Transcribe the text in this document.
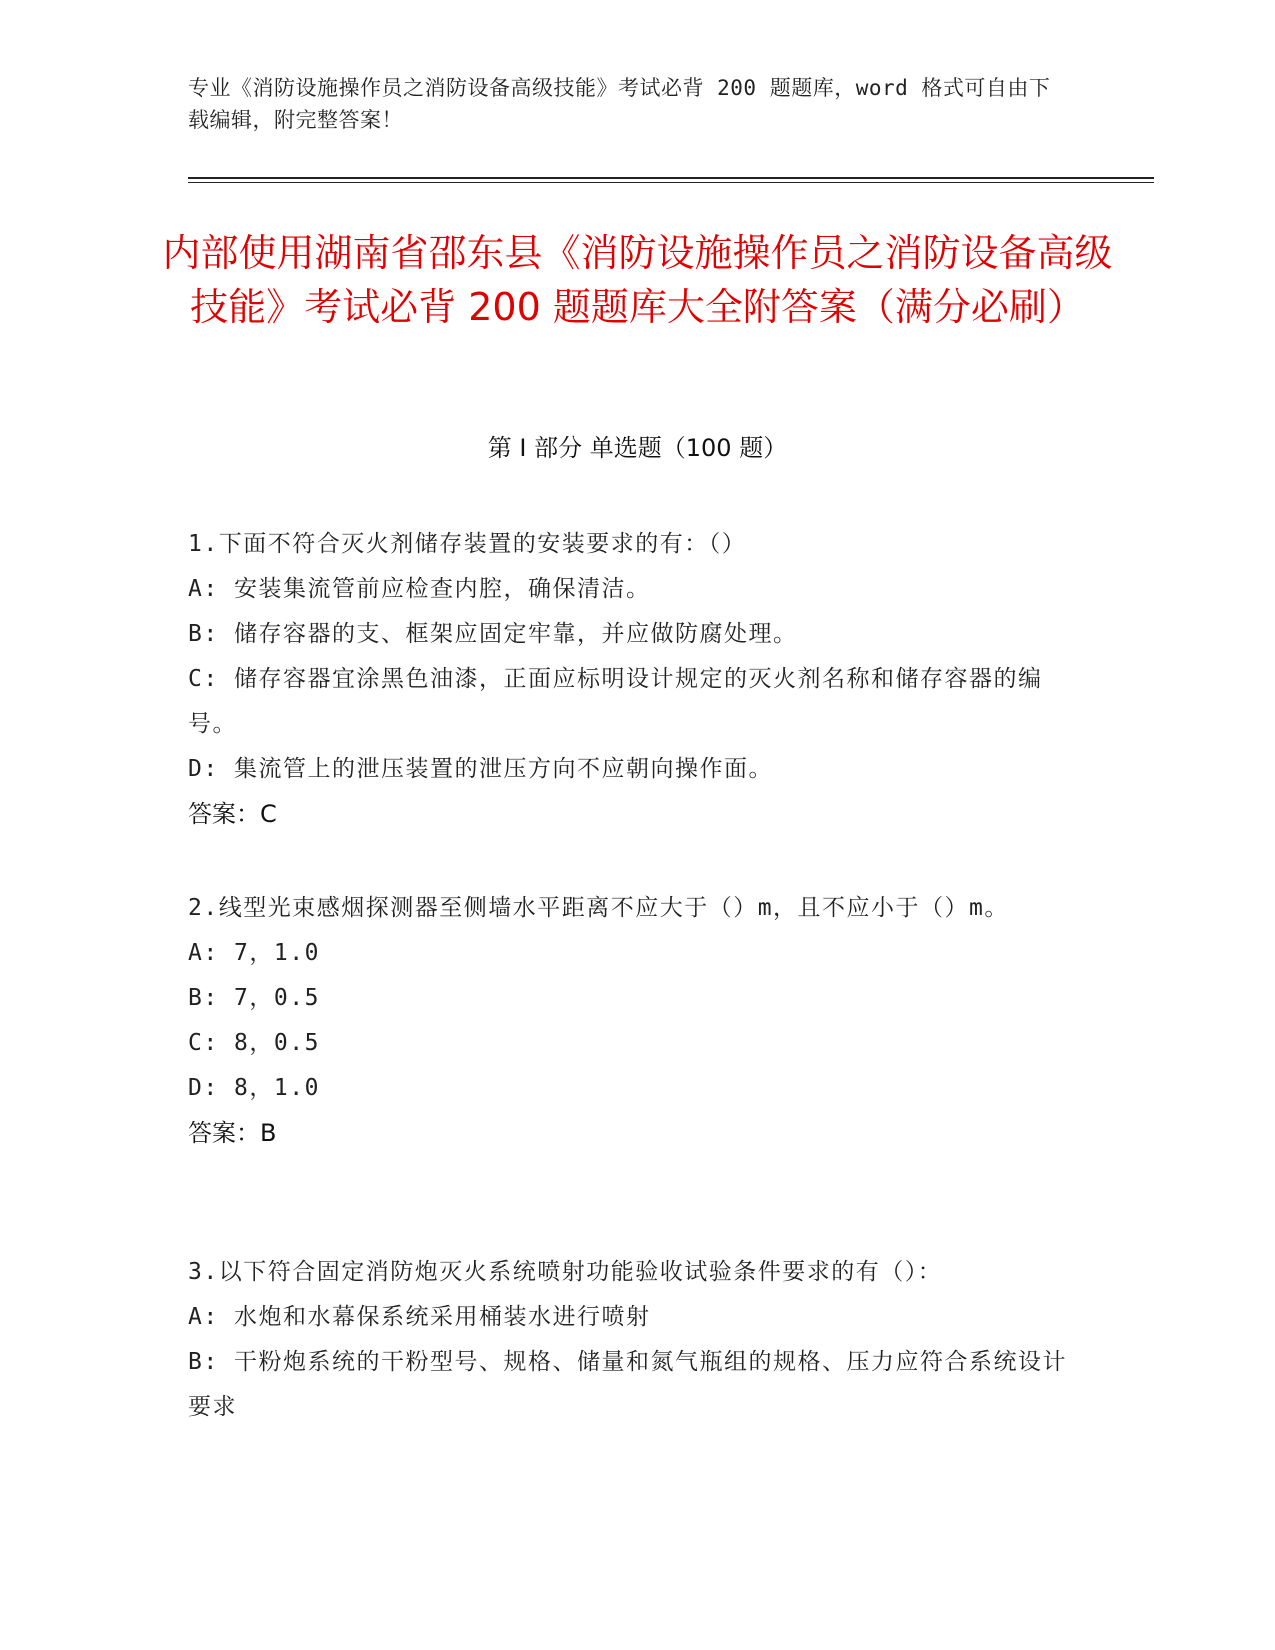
专业《消防设施操作员之消防设备高级技能》考试必背 200 题题库，word 格式可自由下载编辑，附完整答案！
内部使用湖南省邵东县《消防设施操作员之消防设备高级技能》考试必背 200 题题库大全附答案（满分必刷）
第 I 部分 单选题（100 题）
1.下面不符合灭火剂储存装置的安装要求的有：（）
A: 安装集流管前应检查内腔，确保清洁。
B: 储存容器的支、框架应固定牢靠，并应做防腐处理。
C: 储存容器宜涂黑色油漆，正面应标明设计规定的灭火剂名称和储存容器的编号。
D: 集流管上的泄压装置的泄压方向不应朝向操作面。
答案：C
2.线型光束感烟探测器至侧墙水平距离不应大于（）m，且不应小于（）m。
A: 7，1.0
B: 7，0.5
C: 8，0.5
D: 8，1.0
答案：B
3.以下符合固定消防炮灭火系统喷射功能验收试验条件要求的有（）：
A: 水炮和水幕保系统采用桶装水进行喷射
B: 干粉炮系统的干粉型号、规格、储量和氮气瓶组的规格、压力应符合系统设计要求
